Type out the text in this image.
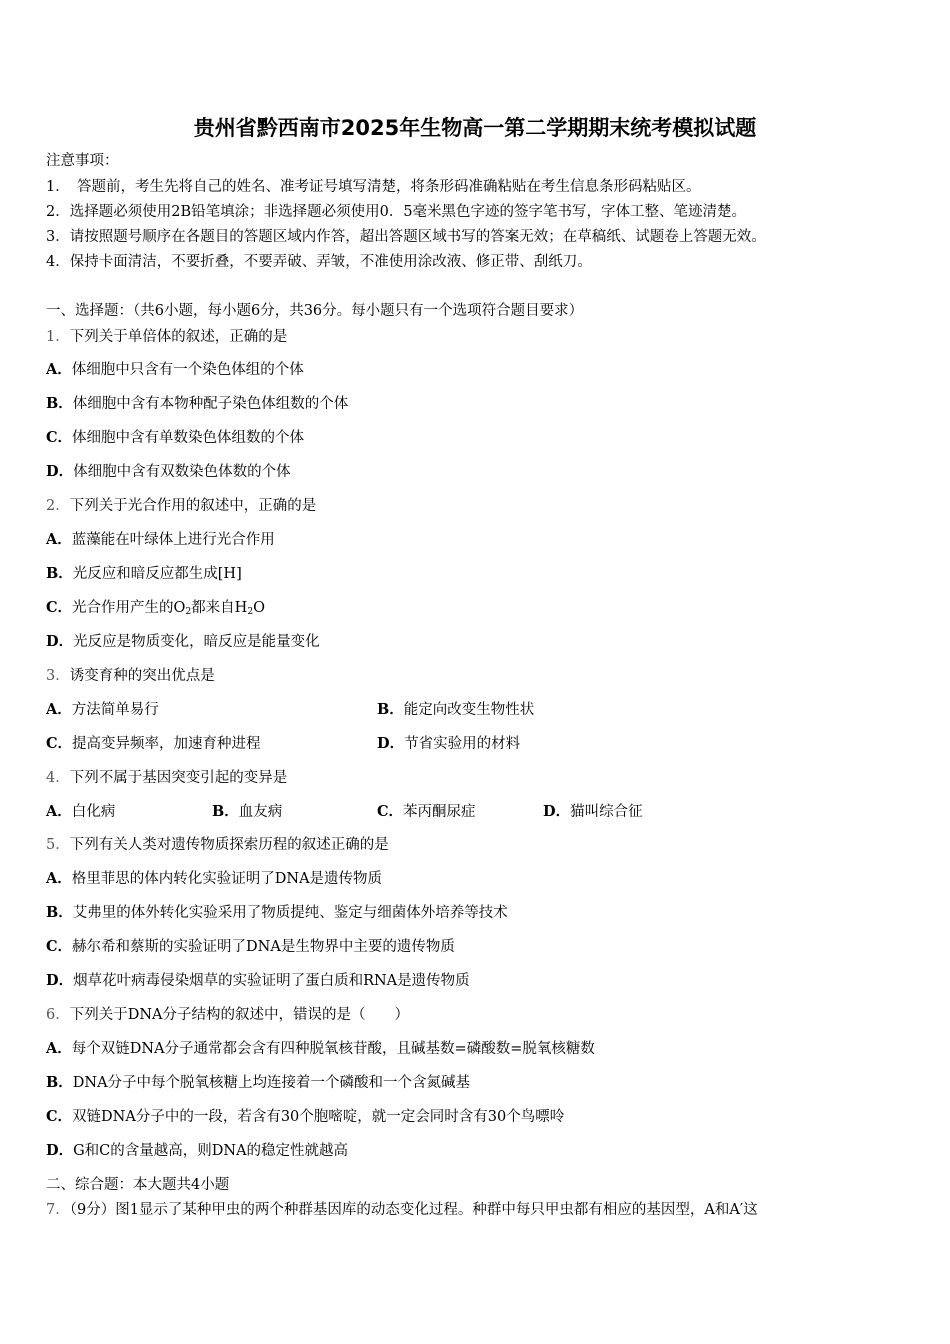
贵州省黔西南市2025年生物高一第二学期期末统考模拟试题
注意事项：
1．　答题前，考生先将自己的姓名、准考证号填写清楚，将条形码准确粘贴在考生信息条形码粘贴区。
2．选择题必须使用2B铅笔填涂；非选择题必须使用0．5毫米黑色字迹的签字笔书写，字体工整、笔迹清楚。
3．请按照题号顺序在各题目的答题区域内作答，超出答题区域书写的答案无效；在草稿纸、试题卷上答题无效。
4．保持卡面清洁，不要折叠，不要弄破、弄皱，不准使用涂改液、修正带、刮纸刀。
一、选择题：（共6小题，每小题6分，共36分。每小题只有一个选项符合题目要求）
1．下列关于单倍体的叙述，正确的是
A．体细胞中只含有一个染色体组的个体
B．体细胞中含有本物种配子染色体组数的个体
C．体细胞中含有单数染色体组数的个体
D．体细胞中含有双数染色体数的个体
2．下列关于光合作用的叙述中，正确的是
A．蓝藻能在叶绿体上进行光合作用
B．光反应和暗反应都生成[H]
C．光合作用产生的$O_2$都来自$H_2O$
D．光反应是物质变化，暗反应是能量变化
3．诱变育种的突出优点是
A．方法简单易行	B．能定向改变生物性状
C．提高变异频率，加速育种进程	D．节省实验用的材料
4．下列不属于基因突变引起的变异是
A．白化病	B．血友病	C．苯丙酮尿症	D．猫叫综合征
5．下列有关人类对遗传物质探索历程的叙述正确的是
A．格里菲思的体内转化实验证明了DNA是遗传物质
B．艾弗里的体外转化实验采用了物质提纯、鉴定与细菌体外培养等技术
C．赫尔希和蔡斯的实验证明了DNA是生物界中主要的遗传物质
D．烟草花叶病毒侵染烟草的实验证明了蛋白质和RNA是遗传物质
6．下列关于DNA分子结构的叙述中，错误的是（　　）
A．每个双链DNA分子通常都会含有四种脱氧核苷酸，且碱基数=磷酸数=脱氧核糖数
B．DNA分子中每个脱氧核糖上均连接着一个磷酸和一个含氮碱基
C．双链DNA分子中的一段，若含有30个胞嘧啶，就一定会同时含有30个鸟嘌呤
D．G和C的含量越高，则DNA的稳定性就越高
二、综合题：本大题共4小题
7．（9分）图1显示了某种甲虫的两个种群基因库的动态变化过程。种群中每只甲虫都有相应的基因型，A和A′这
